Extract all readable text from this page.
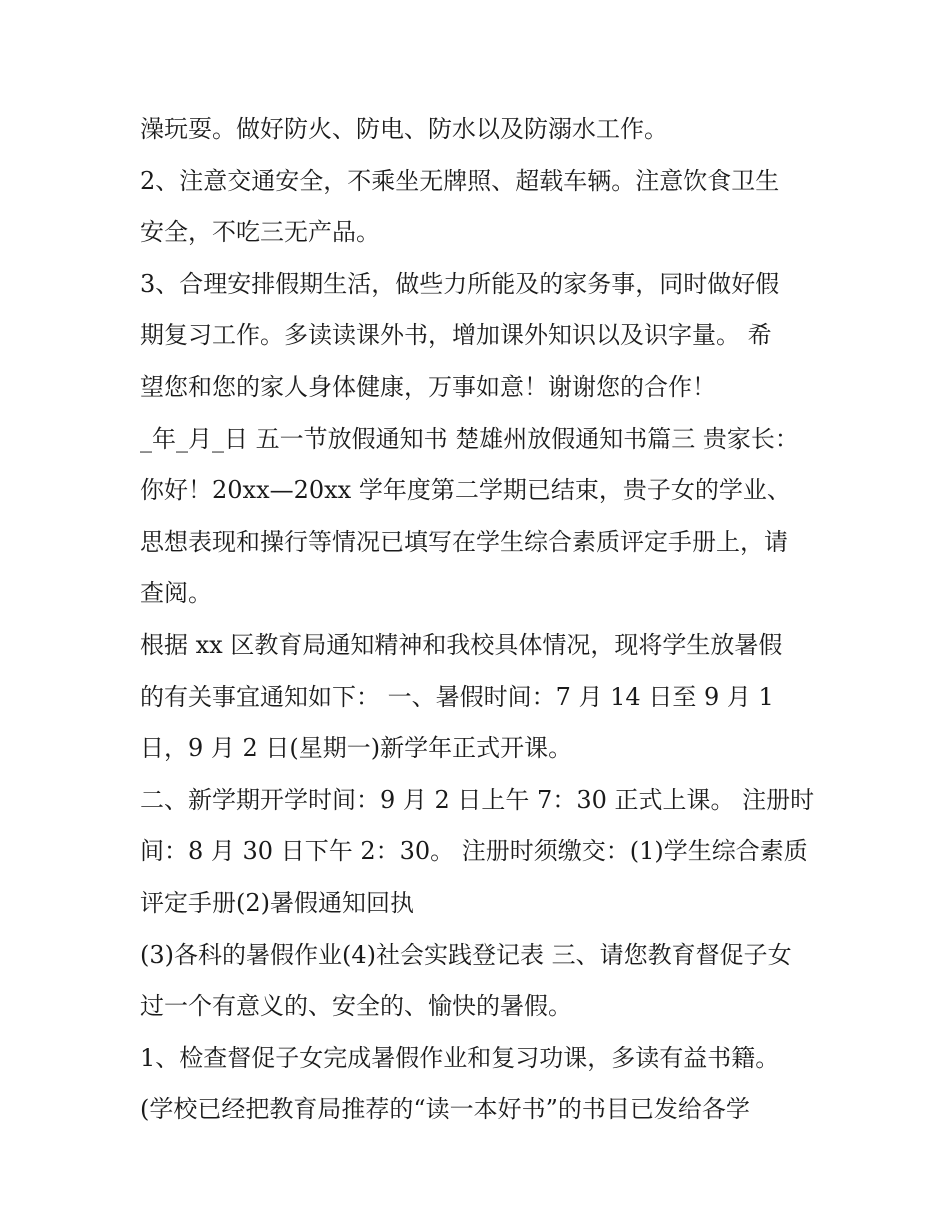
澡玩耍。做好防火、防电、防水以及防溺水工作。
2、注意交通安全，不乘坐无牌照、超载车辆。注意饮食卫生
安全，不吃三无产品。
3、合理安排假期生活，做些力所能及的家务事，同时做好假
期复习工作。多读读课外书，增加课外知识以及识字量。 希
望您和您的家人身体健康，万事如意！谢谢您的合作！
_年_月_日 五一节放假通知书 楚雄州放假通知书篇三 贵家长：
你好！20xx—20xx 学年度第二学期已结束，贵子女的学业、
思想表现和操行等情况已填写在学生综合素质评定手册上，请
查阅。
根据 xx 区教育局通知精神和我校具体情况，现将学生放暑假
的有关事宜通知如下： 一、暑假时间：7 月 14 日至 9 月 1
日，9 月 2 日(星期一)新学年正式开课。
二、新学期开学时间：9 月 2 日上午 7：30 正式上课。 注册时
间：8 月 30 日下午 2：30。 注册时须缴交：(1)学生综合素质
评定手册(2)暑假通知回执
(3)各科的暑假作业(4)社会实践登记表 三、请您教育督促子女
过一个有意义的、安全的、愉快的暑假。
1、检查督促子女完成暑假作业和复习功课，多读有益书籍。
(学校已经把教育局推荐的“读一本好书”的书目已发给各学
